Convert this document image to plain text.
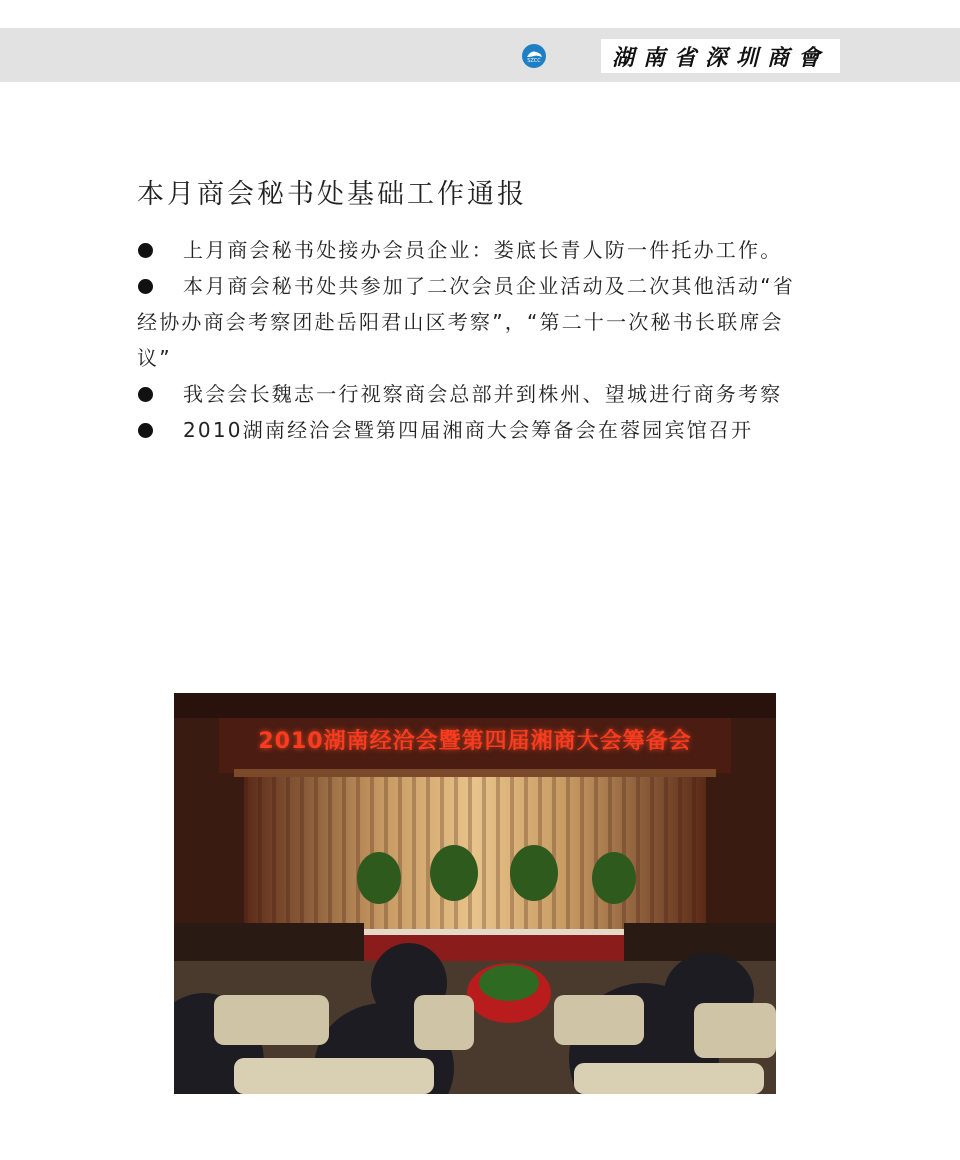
SZCC	湖南省深圳商會
本月商会秘书处基础工作通报

上月商会秘书处接办会员企业：娄底长青人防一件托办工作。

本月商会秘书处共参加了二次会员企业活动及二次其他活动“省经协办商会考察团赴岳阳君山区考察”，“第二十一次秘书长联席会议”

我会会长魏志一行视察商会总部并到株州、望城进行商务考察

2010湖南经洽会暨第四届湘商大会筹备会在蓉园宾馆召开

2010湖南经洽会暨第四届湘商大会筹备会
